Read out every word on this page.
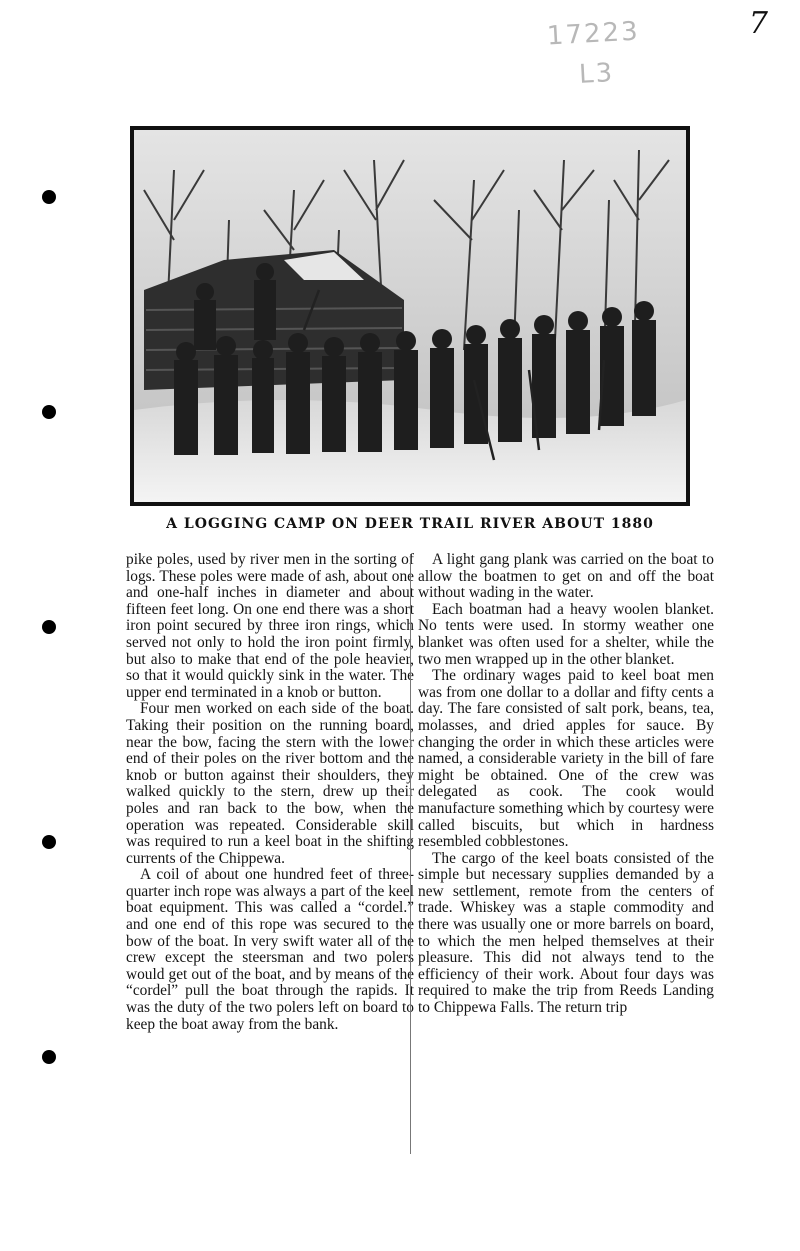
7
17223
L3
A LOGGING CAMP ON DEER TRAIL RIVER ABOUT 1880

pike poles, used by river men in the sorting of logs. These poles were made of ash, about one and one-half inches in diameter and about fifteen feet long. On one end there was a short iron point secured by three iron rings, which served not only to hold the iron point firmly, but also to make that end of the pole heavier, so that it would quickly sink in the water. The upper end terminated in a knob or button.

Four men worked on each side of the boat. Taking their position on the running board, near the bow, facing the stern with the lower end of their poles on the river bottom and the knob or button against their shoulders, they walked quickly to the stern, drew up their poles and ran back to the bow, when the operation was repeated. Considerable skill was required to run a keel boat in the shifting currents of the Chippewa.

A coil of about one hundred feet of three-quarter inch rope was always a part of the keel boat equipment. This was called a “cordel.” and one end of this rope was secured to the bow of the boat. In very swift water all of the crew except the steersman and two polers would get out of the boat, and by means of the “cordel” pull the boat through the rapids. It was the duty of the two polers left on board to keep the boat away from the bank.

A light gang plank was carried on the boat to allow the boatmen to get on and off the boat without wading in the water.

Each boatman had a heavy woolen blanket. No tents were used. In stormy weather one blanket was often used for a shelter, while the two men wrapped up in the other blanket.

The ordinary wages paid to keel boat men was from one dollar to a dollar and fifty cents a day. The fare consisted of salt pork, beans, tea, molasses, and dried apples for sauce. By changing the order in which these articles were named, a considerable variety in the bill of fare might be obtained. One of the crew was delegated as cook. The cook would manufacture something which by courtesy were called biscuits, but which in hardness resembled cobblestones.

The cargo of the keel boats consisted of the simple but necessary supplies demanded by a new settlement, remote from the centers of trade. Whiskey was a staple commodity and there was usually one or more barrels on board, to which the men helped themselves at their pleasure. This did not always tend to the efficiency of their work. About four days was required to make the trip from Reeds Landing to Chippewa Falls. The return trip
